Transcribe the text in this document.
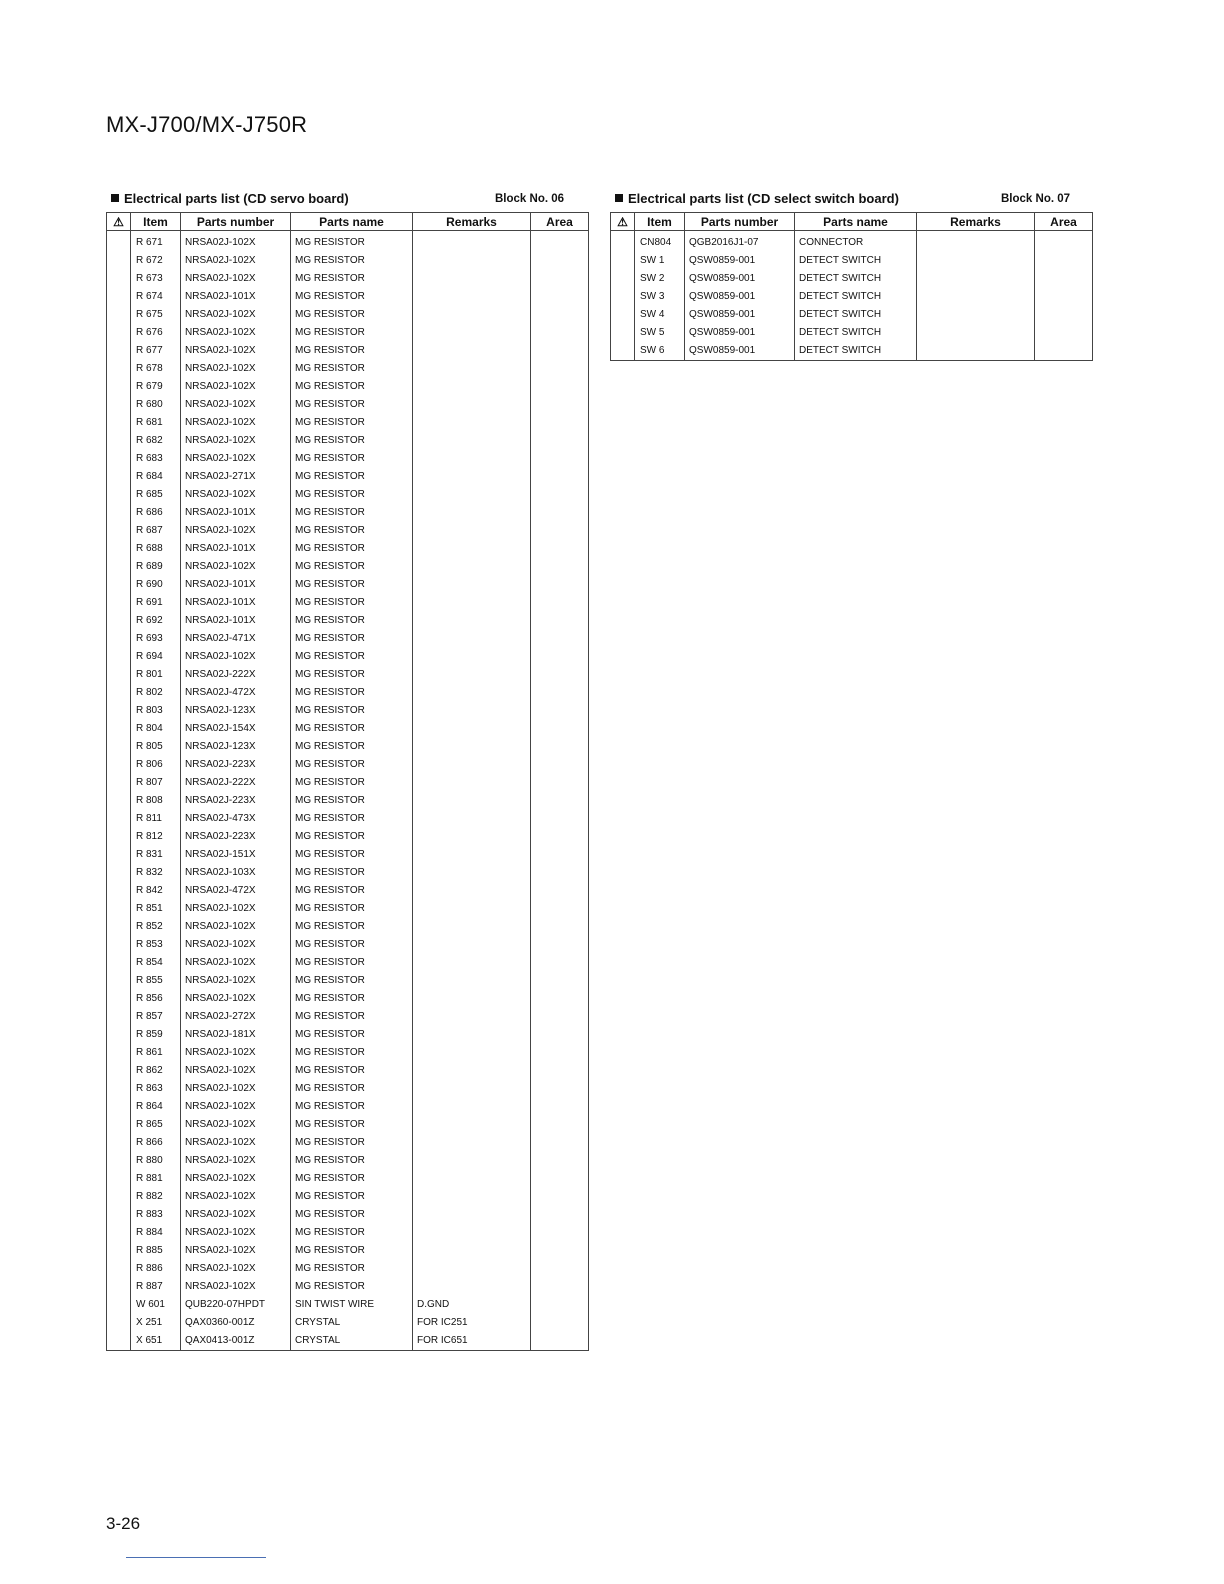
MX-J700/MX-J750R
Electrical parts list (CD servo board)	Block No. 06
⚠	Item	Parts number	Parts name	Remarks	Area
	R 671	NRSA02J-102X	MG RESISTOR		
	R 672	NRSA02J-102X	MG RESISTOR		
	R 673	NRSA02J-102X	MG RESISTOR		
	R 674	NRSA02J-101X	MG RESISTOR		
	R 675	NRSA02J-102X	MG RESISTOR		
	R 676	NRSA02J-102X	MG RESISTOR		
	R 677	NRSA02J-102X	MG RESISTOR		
	R 678	NRSA02J-102X	MG RESISTOR		
	R 679	NRSA02J-102X	MG RESISTOR		
	R 680	NRSA02J-102X	MG RESISTOR		
	R 681	NRSA02J-102X	MG RESISTOR		
	R 682	NRSA02J-102X	MG RESISTOR		
	R 683	NRSA02J-102X	MG RESISTOR		
	R 684	NRSA02J-271X	MG RESISTOR		
	R 685	NRSA02J-102X	MG RESISTOR		
	R 686	NRSA02J-101X	MG RESISTOR		
	R 687	NRSA02J-102X	MG RESISTOR		
	R 688	NRSA02J-101X	MG RESISTOR		
	R 689	NRSA02J-102X	MG RESISTOR		
	R 690	NRSA02J-101X	MG RESISTOR		
	R 691	NRSA02J-101X	MG RESISTOR		
	R 692	NRSA02J-101X	MG RESISTOR		
	R 693	NRSA02J-471X	MG RESISTOR		
	R 694	NRSA02J-102X	MG RESISTOR		
	R 801	NRSA02J-222X	MG RESISTOR		
	R 802	NRSA02J-472X	MG RESISTOR		
	R 803	NRSA02J-123X	MG RESISTOR		
	R 804	NRSA02J-154X	MG RESISTOR		
	R 805	NRSA02J-123X	MG RESISTOR		
	R 806	NRSA02J-223X	MG RESISTOR		
	R 807	NRSA02J-222X	MG RESISTOR		
	R 808	NRSA02J-223X	MG RESISTOR		
	R 811	NRSA02J-473X	MG RESISTOR		
	R 812	NRSA02J-223X	MG RESISTOR		
	R 831	NRSA02J-151X	MG RESISTOR		
	R 832	NRSA02J-103X	MG RESISTOR		
	R 842	NRSA02J-472X	MG RESISTOR		
	R 851	NRSA02J-102X	MG RESISTOR		
	R 852	NRSA02J-102X	MG RESISTOR		
	R 853	NRSA02J-102X	MG RESISTOR		
	R 854	NRSA02J-102X	MG RESISTOR		
	R 855	NRSA02J-102X	MG RESISTOR		
	R 856	NRSA02J-102X	MG RESISTOR		
	R 857	NRSA02J-272X	MG RESISTOR		
	R 859	NRSA02J-181X	MG RESISTOR		
	R 861	NRSA02J-102X	MG RESISTOR		
	R 862	NRSA02J-102X	MG RESISTOR		
	R 863	NRSA02J-102X	MG RESISTOR		
	R 864	NRSA02J-102X	MG RESISTOR		
	R 865	NRSA02J-102X	MG RESISTOR		
	R 866	NRSA02J-102X	MG RESISTOR		
	R 880	NRSA02J-102X	MG RESISTOR		
	R 881	NRSA02J-102X	MG RESISTOR		
	R 882	NRSA02J-102X	MG RESISTOR		
	R 883	NRSA02J-102X	MG RESISTOR		
	R 884	NRSA02J-102X	MG RESISTOR		
	R 885	NRSA02J-102X	MG RESISTOR		
	R 886	NRSA02J-102X	MG RESISTOR		
	R 887	NRSA02J-102X	MG RESISTOR		
	W 601	QUB220-07HPDT	SIN TWIST WIRE	D.GND	
	X 251	QAX0360-001Z	CRYSTAL	FOR IC251	
	X 651	QAX0413-001Z	CRYSTAL	FOR IC651	
Electrical parts list (CD select switch board)	Block No. 07
⚠	Item	Parts number	Parts name	Remarks	Area
	CN804	QGB2016J1-07	CONNECTOR		
	SW 1	QSW0859-001	DETECT SWITCH		
	SW 2	QSW0859-001	DETECT SWITCH		
	SW 3	QSW0859-001	DETECT SWITCH		
	SW 4	QSW0859-001	DETECT SWITCH		
	SW 5	QSW0859-001	DETECT SWITCH		
	SW 6	QSW0859-001	DETECT SWITCH		
3-26
